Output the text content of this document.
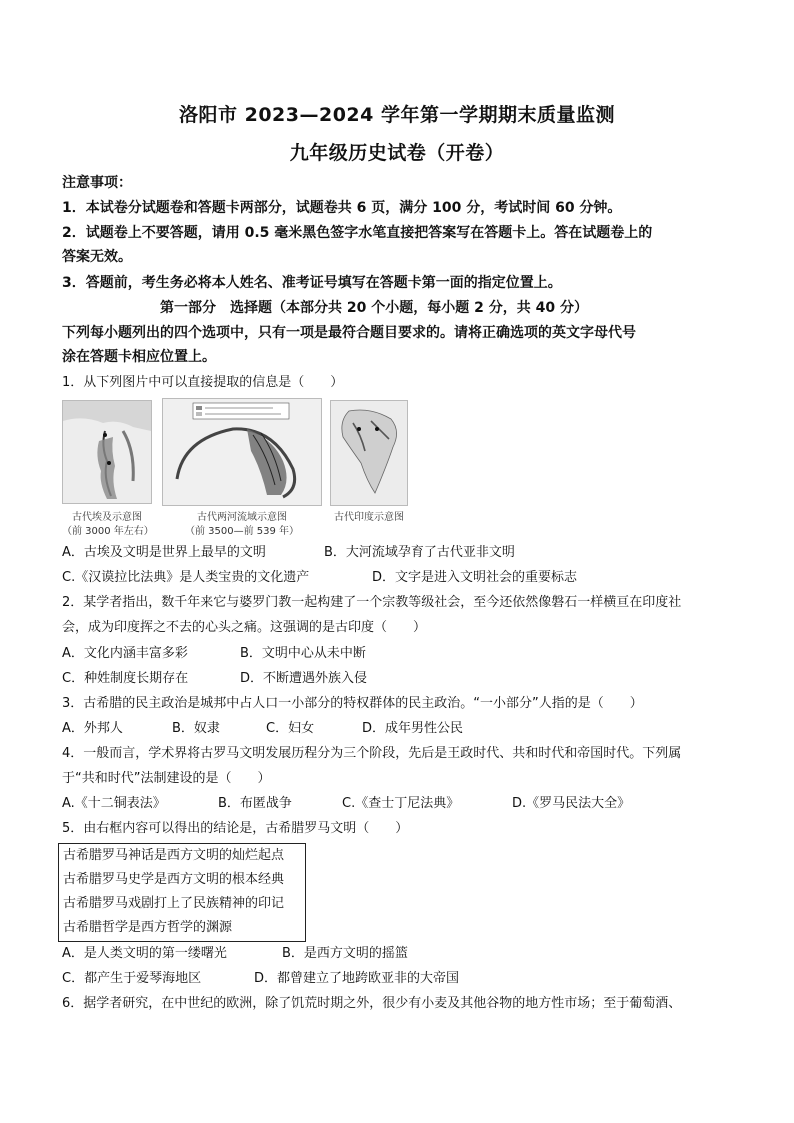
洛阳市 2023—2024 学年第一学期期末质量监测
九年级历史试卷（开卷）
注意事项：
1．本试卷分试题卷和答题卡两部分，试题卷共 6 页，满分 100 分，考试时间 60 分钟。
2．试题卷上不要答题，请用 0.5 毫米黑色签字水笔直接把答案写在答题卡上。答在试题卷上的
答案无效。
3．答题前，考生务必将本人姓名、准考证号填写在答题卡第一面的指定位置上。
第一部分　选择题（本部分共 20 个小题，每小题 2 分，共 40 分）
下列每小题列出的四个选项中，只有一项是最符合题目要求的。请将正确选项的英文字母代号
涂在答题卡相应位置上。
1．从下列图片中可以直接提取的信息是（　　）
古代埃及示意图
（前 3000 年左右）
古代两河流域示意图
（前 3500—前 539 年）
古代印度示意图
A．古埃及文明是世界上最早的文明	B．大河流域孕育了古代亚非文明
C.《汉谟拉比法典》是人类宝贵的文化遗产	D．文字是进入文明社会的重要标志
2．某学者指出，数千年来它与婆罗门教一起构建了一个宗教等级社会，至今还依然像磐石一样横亘在印度社
会，成为印度挥之不去的心头之痛。这强调的是古印度（　　）
A．文化内涵丰富多彩	B．文明中心从未中断
C．种姓制度长期存在	D．不断遭遇外族入侵
3．古希腊的民主政治是城邦中占人口一小部分的特权群体的民主政治。“一小部分”人指的是（　　）
A．外邦人	B．奴隶	C．妇女	D．成年男性公民
4．一般而言，学术界将古罗马文明发展历程分为三个阶段，先后是王政时代、共和时代和帝国时代。下列属
于“共和时代”法制建设的是（　　）
A.《十二铜表法》	B．布匿战争	C.《查士丁尼法典》	D.《罗马民法大全》
5．由右框内容可以得出的结论是，古希腊罗马文明（　　）
古希腊罗马神话是西方文明的灿烂起点
古希腊罗马史学是西方文明的根本经典
古希腊罗马戏剧打上了民族精神的印记
古希腊哲学是西方哲学的渊源
A．是人类文明的第一缕曙光	B．是西方文明的摇篮
C．都产生于爱琴海地区	D．都曾建立了地跨欧亚非的大帝国
6．据学者研究，在中世纪的欧洲，除了饥荒时期之外，很少有小麦及其他谷物的地方性市场；至于葡萄酒、
